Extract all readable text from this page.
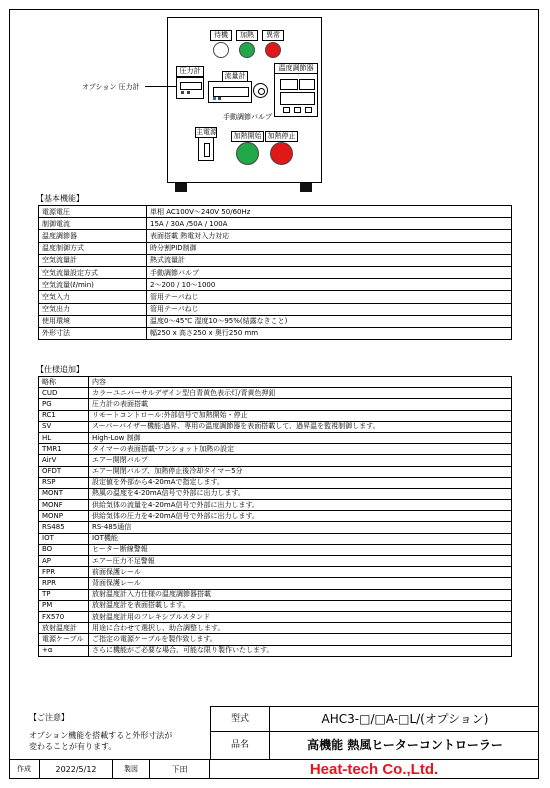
待機	加熱	異常
圧力計
オプション 圧力計
流量計
手動調節バルブ
温度調節器
主電源	加熱開始 加熱停止
【基本機能】
電源電圧	単相 AC100V〜240V 50/60Hz
制御電流	15A / 30A /50A / 100A
温度調節器	表面搭載 熱電対入力対応
温度制御方式	時分割PID制御
空気流量計	熱式流量計
空気流量設定方式	手動調節バルブ
空気流量(ℓ/min)	2〜200 / 10〜1000
空気入力	管用テーパねじ
空気出力	管用テーパねじ
使用環境	温度0〜45℃ 湿度10〜95%(結露なきこと)
外形寸法	幅250 x 高さ250 x 奥行250 mm
【仕様追加】
略称	内容
CUD	カラーユニバーサルデザイン型白青黄色表示灯/青黄色押釦
PG	圧力計の表面搭載
RC1	リモートコントロール:外部信号で加熱開始・停止
SV	スーパーバイザー機能:過昇、専用の温度調節器を表面搭載して、過昇温を監視制御します。
HL	High-Low 制御
TMR1	タイマーの表面搭載-ワンショット加熱の設定
AirV	エアー開閉バルブ
OFDT	エアー開閉バルブ、加熱停止後冷却タイマー5分
RSP	設定値を外部から4-20mAで指定します。
MONT	熱風の温度を4-20mA信号で外部に出力します。
MONF	供給気体の流量を4-20mA信号で外部に出力します。
MONP	供給気体の圧力を4-20mA信号で外部に出力します。
RS485	RS-485通信
IOT	IOT機能
BO	ヒーター断線警報
AP	エアー圧力不足警報
FPR	前面保護レール
RPR	背面保護レール
TP	放射温度計入力仕様の温度調節器搭載
PM	放射温度計を表面搭載します。
FX570	放射温度計用のフレキシブルスタンド
放射温度計	用途に合わせて選択し、助合調整します。
電源ケーブル	ご指定の電源ケーブルを製作致します。
+α	さらに機能がご必要な場合、可能な限り製作いたします。
【ご注意】
オプション機能を搭載すると外形寸法が
変わることが有ります。
型式	AHC3-□/□A-□L/(オプション)
品名	高機能 熱風ヒーターコントローラー
作成	2022/5/12	製図	下田	Heat-tech Co.,Ltd.
